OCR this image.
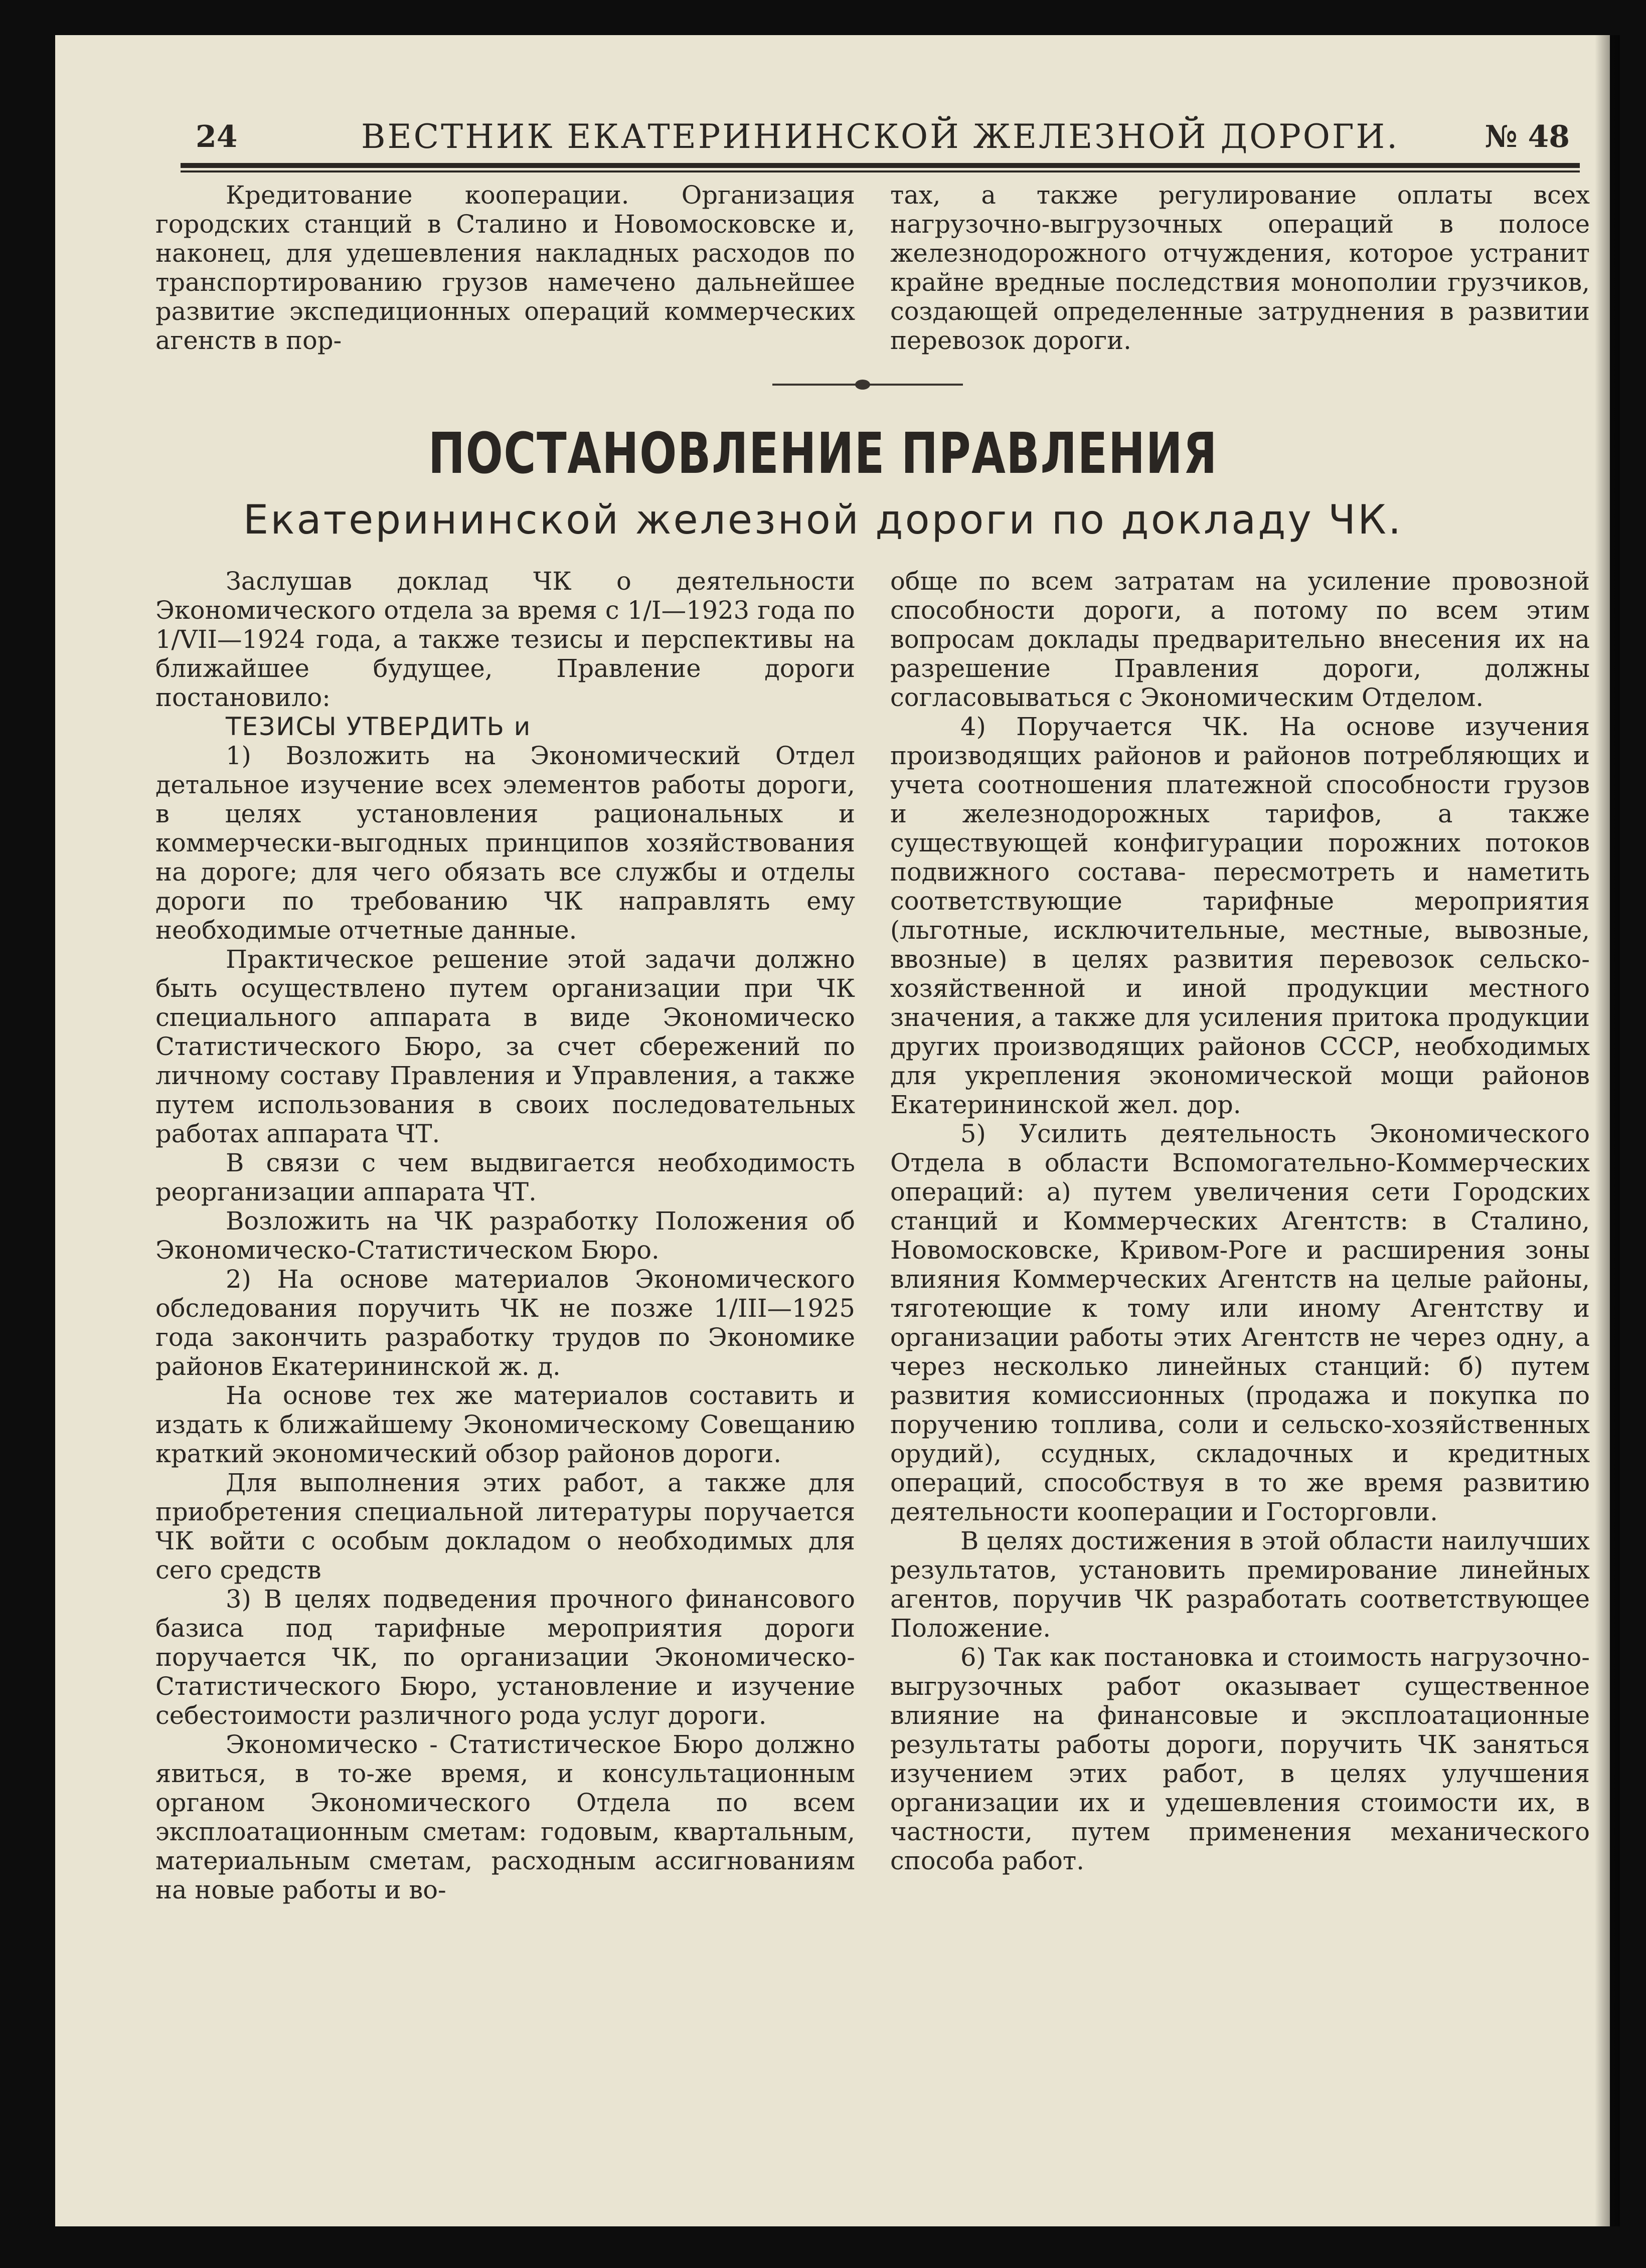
24	ВЕСТНИК ЕКАТЕРИНИНСКОЙ ЖЕЛЕЗНОЙ ДОРОГИ.	№ 48

Кредитование кооперации. Организация городских станций в Сталино и Новомосковске и, наконец, для удешевления накладных расходов по транспортированию грузов намечено дальнейшее развитие экспедиционных операций коммерческих агенств в пор-

тах, а также регулирование оплаты всех нагрузочно-выгрузочных операций в полосе железнодорожного отчуждения, которое устранит крайне вредные последствия монополии грузчиков, создающей определенные затруднения в развитии перевозок дороги.

ПОСТАНОВЛЕНИЕ ПРАВЛЕНИЯ
Екатерининской железной дороги по докладу ЧК.

Заслушав доклад ЧК о деятельности Экономического отдела за время с 1/I—1923 года по 1/VII—1924 года, а также тезисы и перспективы на ближайшее будущее, Правление дороги постановило:

ТЕЗИСЫ УТВЕРДИТЬ и

1) Возложить на Экономический Отдел детальное изучение всех элементов работы дороги, в целях установления рациональных и коммерчески-выгодных принципов хозяйствования на дороге; для чего обязать все службы и отделы дороги по требованию ЧК направлять ему необходимые отчетные данные.

Практическое решение этой задачи должно быть осуществлено путем организации при ЧК специального аппарата в виде Экономическо Статистического Бюро, за счет сбережений по личному составу Правления и Управления, а также путем использования в своих последовательных работах аппарата ЧТ.

В связи с чем выдвигается необходимость реорганизации аппарата ЧТ.

Возложить на ЧК разработку Положения об Экономическо-Статистическом Бюро.

2) На основе материалов Экономического обследования поручить ЧК не позже 1/III—1925 года закончить разработку трудов по Экономике районов Екатерининской ж. д.

На основе тех же материалов составить и издать к ближайшему Экономическому Совещанию краткий экономический обзор районов дороги.

Для выполнения этих работ, а также для приобретения специальной литературы поручается ЧК войти с особым докладом о необходимых для сего средств

3) В целях подведения прочного финансового базиса под тарифные мероприятия дороги поручается ЧК, по организации Экономическо-Статистического Бюро, установление и изучение себестоимости различного рода услуг дороги.

Экономическо - Статистическое Бюро должно явиться, в то-же время, и консультационным органом Экономического Отдела по всем эксплоатационным сметам: годовым, квартальным, материальным сметам, расходным ассигнованиям на новые работы и во-

обще по всем затратам на усиление провозной способности дороги, а потому по всем этим вопросам доклады предварительно внесения их на разрешение Правления дороги, должны согласовываться с Экономическим Отделом.

4) Поручается ЧК. На основе изучения производящих районов и районов потребляющих и учета соотношения платежной способности грузов и железнодорожных тарифов, а также существующей конфигурации порожних потоков подвижного состава- пересмотреть и наметить соответствующие тарифные мероприятия (льготные, исключительные, местные, вывозные, ввозные) в целях развития перевозок сельско-хозяйственной и иной продукции местного значения, а также для усиления притока продукции других производящих районов СССР, необходимых для укрепления экономической мощи районов Екатерининской жел. дор.

5) Усилить деятельность Экономического Отдела в области Вспомогательно-Коммерческих операций: а) путем увеличения сети Городских станций и Коммерческих Агентств: в Сталино, Новомосковске, Кривом-Роге и расширения зоны влияния Коммерческих Агентств на целые районы, тяготеющие к тому или иному Агентству и организации работы этих Агентств не через одну, а через несколько линейных станций: б) путем развития комиссионных (продажа и покупка по поручению топлива, соли и сельско-хозяйственных орудий), ссудных, складочных и кредитных операций, способствуя в то же время развитию деятельности кооперации и Госторговли.

В целях достижения в этой области наилучших результатов, установить премирование линейных агентов, поручив ЧК разработать соответствующее Положение.

6) Так как постановка и стоимость нагрузочно-выгрузочных работ оказывает существенное влияние на финансовые и эксплоатационные результаты работы дороги, поручить ЧК заняться изучением этих работ, в целях улучшения организации их и удешевления стоимости их, в частности, путем применения механического способа работ.
